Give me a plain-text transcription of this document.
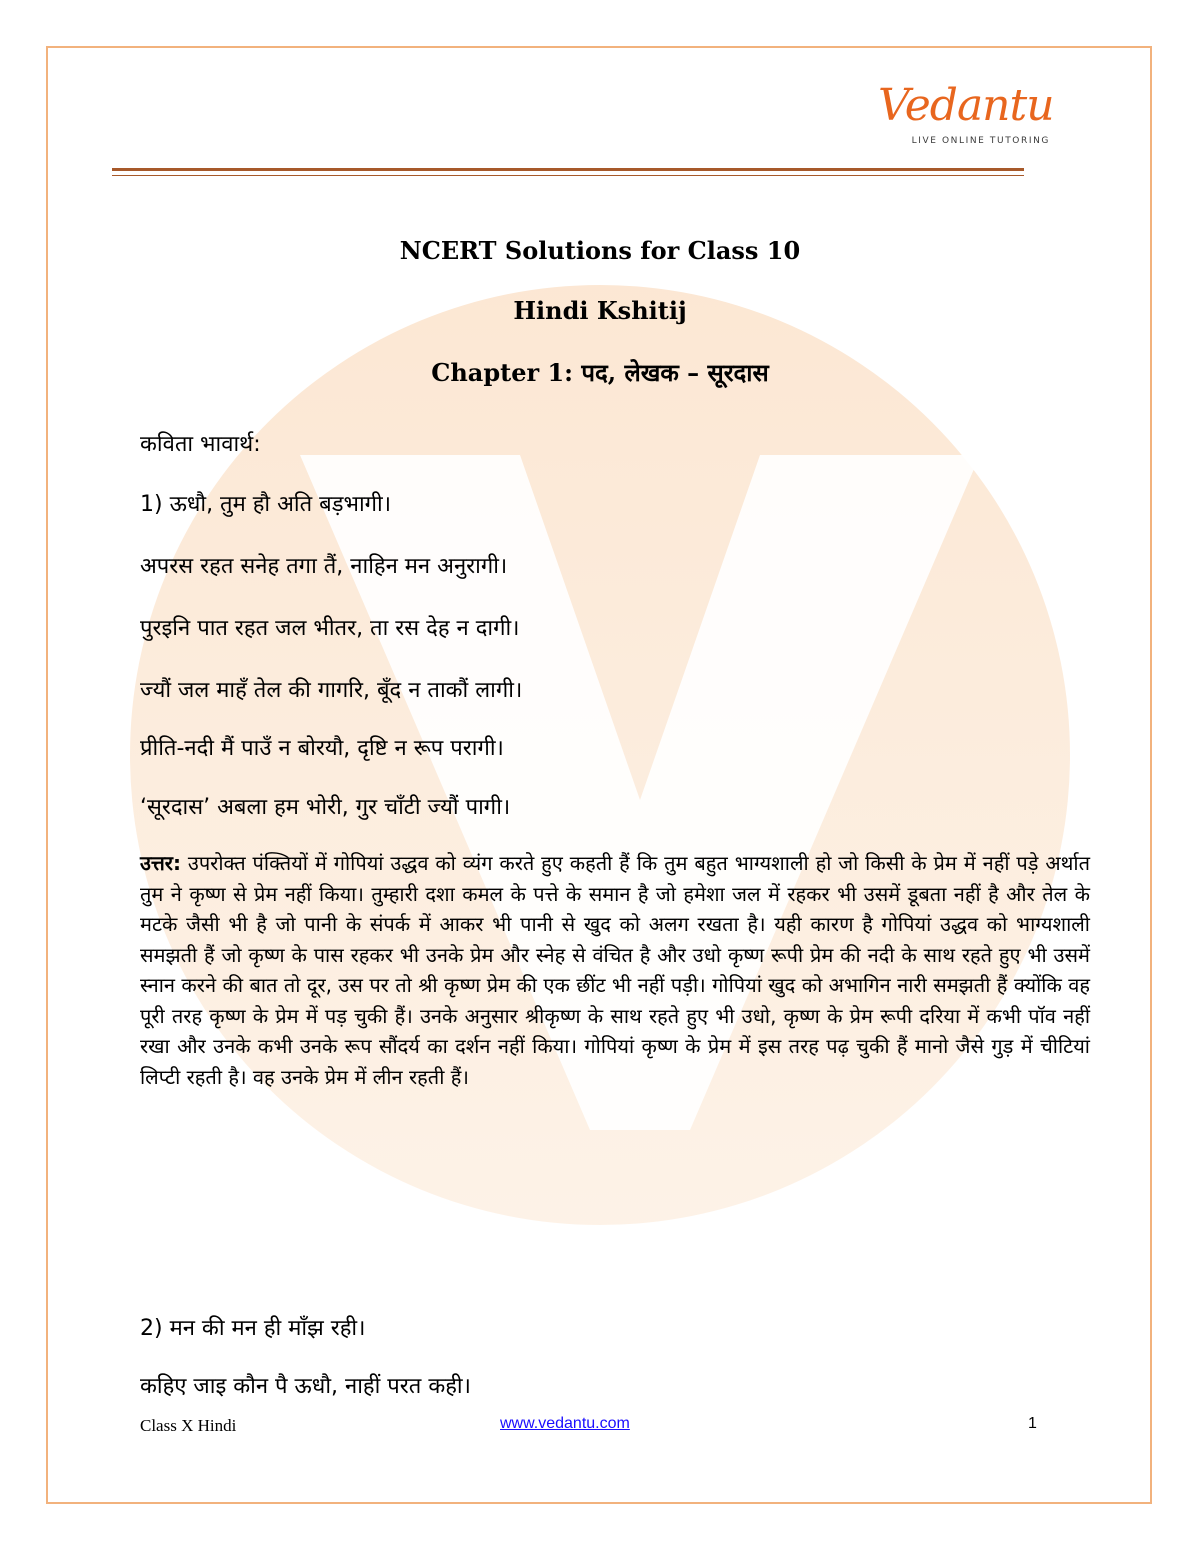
Vedantu
LIVE ONLINE TUTORING
NCERT Solutions for Class 10
Hindi Kshitij
Chapter 1: पद, लेखक – सूरदास
कविता भावार्थ:
1) ऊधौ, तुम हौ अति बड़भागी।
अपरस रहत सनेह तगा तैं, नाहिन मन अनुरागी।
पुरइनि पात रहत जल भीतर, ता रस देह न दागी।
ज्यौं जल माहँ तेल की गागरि, बूँद न ताकौं लागी।
प्रीति-नदी मैं पाउँ न बोरयौ, दृष्टि न रूप परागी।
‘सूरदास’ अबला हम भोरी, गुर चाँटी ज्यौं पागी।
उत्तर: उपरोक्त पंक्तियों में गोपियां उद्धव को व्यंग करते हुए कहती हैं कि तुम बहुत भाग्यशाली हो जो किसी के प्रेम में नहीं पड़े अर्थात तुम ने कृष्ण से प्रेम नहीं किया। तुम्हारी दशा कमल के पत्ते के समान है जो हमेशा जल में रहकर भी उसमें डूबता नहीं है और तेल के मटके जैसी भी है जो पानी के संपर्क में आकर भी पानी से खुद को अलग रखता है। यही कारण है गोपियां उद्धव को भाग्यशाली समझती हैं जो कृष्ण के पास रहकर भी उनके प्रेम और स्नेह से वंचित है और उधो कृष्ण रूपी प्रेम की नदी के साथ रहते हुए भी उसमें स्नान करने की बात तो दूर, उस पर तो श्री कृष्ण प्रेम की एक छींट भी नहीं पड़ी। गोपियां खुद को अभागिन नारी समझती हैं क्योंकि वह पूरी तरह कृष्ण के प्रेम में पड़ चुकी हैं। उनके अनुसार श्रीकृष्ण के साथ रहते हुए भी उधो, कृष्ण के प्रेम रूपी दरिया में कभी पॉव नहीं रखा और उनके कभी उनके रूप सौंदर्य का दर्शन नहीं किया। गोपियां कृष्ण के प्रेम में इस तरह पढ़ चुकी हैं मानो जैसे गुड़ में चीटियां लिप्टी रहती है। वह उनके प्रेम में लीन रहती हैं।
2) मन की मन ही माँझ रही।
कहिए जाइ कौन पै ऊधौ, नाहीं परत कही।
Class X Hindi	www.vedantu.com	1
